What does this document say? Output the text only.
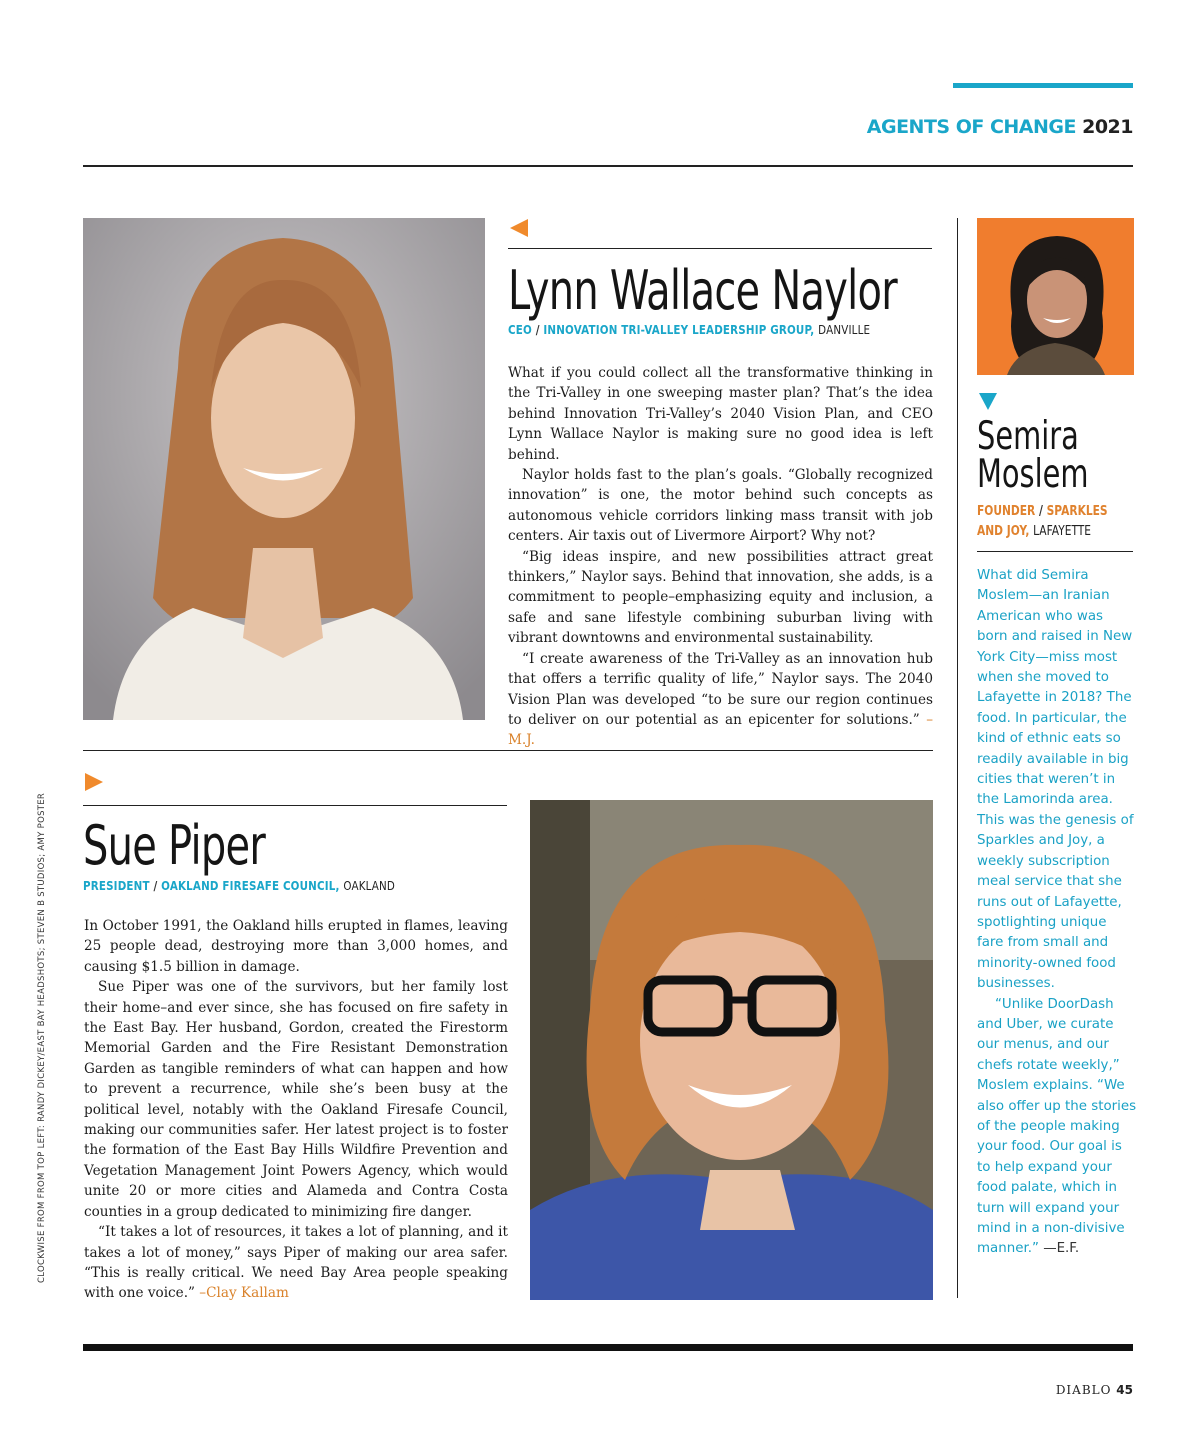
AGENTS OF CHANGE 2021
Lynn Wallace Naylor
CEO / INNOVATION TRI-VALLEY LEADERSHIP GROUP, DANVILLE

What if you could collect all the transformative thinking in the Tri-Valley in one sweeping master plan? That’s the idea behind Innovation Tri-Valley’s 2040 Vision Plan, and CEO Lynn Wallace Naylor is making sure no good idea is left behind.

Naylor holds fast to the plan’s goals. “Globally recognized innovation” is one, the motor behind such concepts as autonomous vehicle corridors linking mass transit with job centers. Air taxis out of Livermore Airport? Why not?

“Big ideas inspire, and new possibilities attract great thinkers,” Naylor says. Behind that innovation, she adds, is a commitment to people–emphasizing equity and inclusion, a safe and sane lifestyle combining suburban living with vibrant downtowns and environmental sustainability.

“I create awareness of the Tri-Valley as an innovation hub that offers a terrific quality of life,” Naylor says. The 2040 Vision Plan was developed “to be sure our region continues to deliver on our potential as an epicenter for solutions.” –M.J.

Sue Piper
PRESIDENT / OAKLAND FIRESAFE COUNCIL, OAKLAND

In October 1991, the Oakland hills erupted in flames, leaving 25 people dead, destroying more than 3,000 homes, and causing $1.5 billion in damage.

Sue Piper was one of the survivors, but her family lost their home–and ever since, she has focused on fire safety in the East Bay. Her husband, Gordon, created the Firestorm Memorial Garden and the Fire Resistant Demonstration Garden as tangible reminders of what can happen and how to prevent a recurrence, while she’s been busy at the political level, notably with the Oakland Firesafe Council, making our communities safer. Her latest project is to foster the formation of the East Bay Hills Wildfire Prevention and Vegetation Management Joint Powers Agency, which would unite 20 or more cities and Alameda and Contra Costa counties in a group dedicated to minimizing fire danger.

“It takes a lot of resources, it takes a lot of planning, and it takes a lot of money,” says Piper of making our area safer. “This is really critical. We need Bay Area people speaking with one voice.” –Clay Kallam

Semira
Moslem
FOUNDER / SPARKLES AND JOY, LAFAYETTE

What did Semira Moslem—an Iranian American who was born and raised in New York City—miss most when she moved to Lafayette in 2018? The food. In particular, the kind of ethnic eats so readily available in big cities that weren’t in the Lamorinda area. This was the genesis of Sparkles and Joy, a weekly subscription meal service that she runs out of Lafayette, spotlighting unique fare from small and minority-owned food businesses.

“Unlike DoorDash and Uber, we curate our menus, and our chefs rotate weekly,” Moslem explains. “We also offer up the stories of the people making your food. Our goal is to help expand your food palate, which in turn will expand your mind in a non-divisive manner.” —E.F.

DIABLO 45
CLOCKWISE FROM FROM TOP LEFT: RANDY DICKEY/EAST BAY HEADSHOTS; STEVEN B STUDIOS; AMY POSTER
